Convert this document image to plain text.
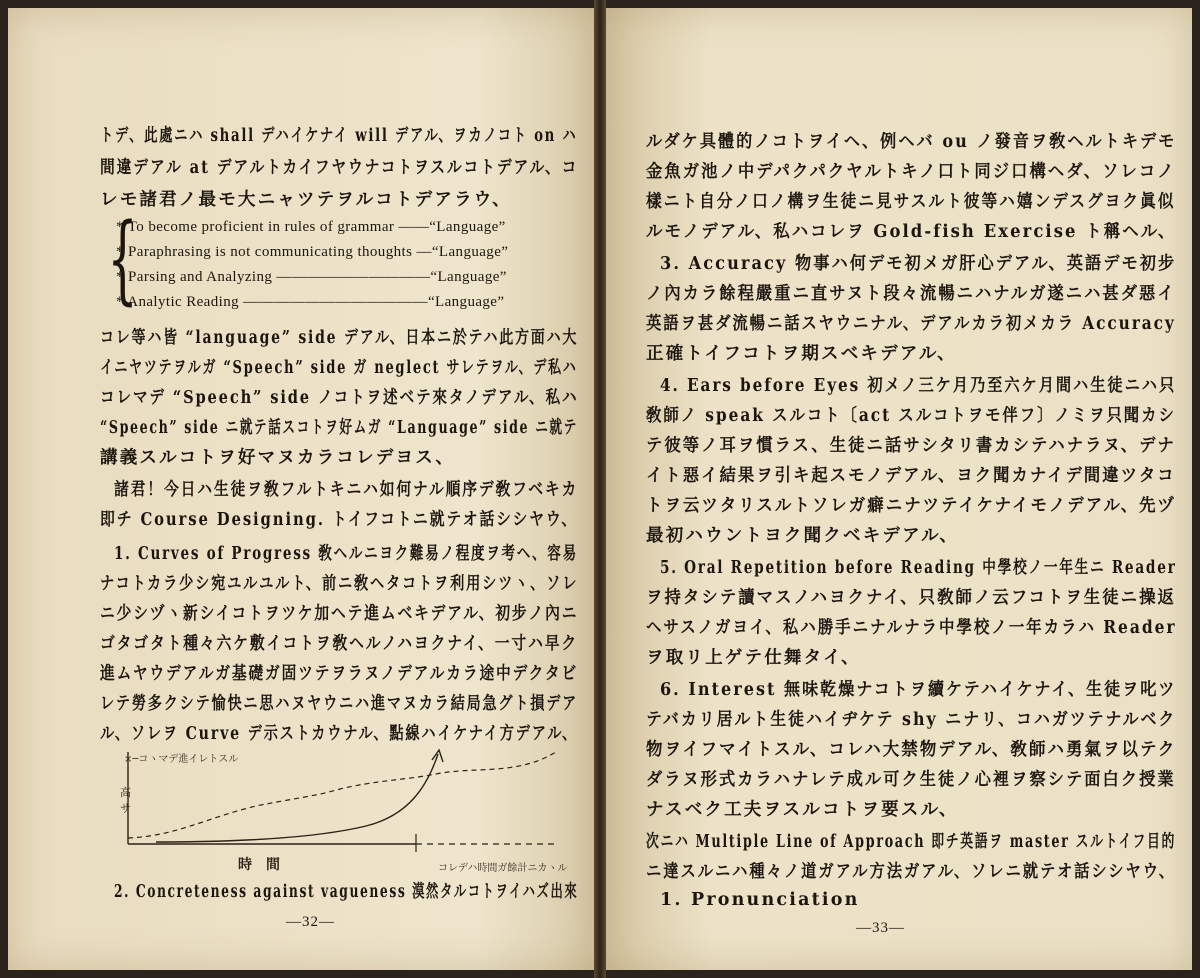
トデ、此處ニハ shall デハイケナイ will デアル、ヲカノコト on ハ
間違デアル at デアルトカイフヤウナコトヲスルコトデアル、コ
レモ諸君ノ最モ大ニャツテヲルコトデアラウ、
{
* To become proficient in rules of grammar ——“Language”
* Paraphrasing is not communicating thoughts —“Language”
* Parsing and Analyzing ——————————“Language”
* Analytic Reading ————————————“Language”
コレ等ハ皆 “language” side デアル、日本ニ於テハ此方面ハ大
イニヤツテヲルガ “Speech” side ガ neglect サレテヲル、デ私ハ
コレマデ “Speech” side ノコトヲ述ベテ來タノデアル、私ハ
“Speech” side ニ就テ話スコトヲ好ムガ “Language” side ニ就テ
講義スルコトヲ好マヌカラコレデヨス、
諸君！今日ハ生徒ヲ敎フルトキニハ如何ナル順序デ敎フベキカ
即チ Course Designing. トイフコトニ就テオ話シシヤウ、
1. Curves of Progress 敎ヘルニヨク難易ノ程度ヲ考ヘ、容易
ナコトカラ少シ宛ユルユルト、前ニ敎ヘタコトヲ利用シツヽ、ソレ
ニ少シヅヽ新シイコトヲツケ加ヘテ進ムベキデアル、初步ノ內ニ
ゴタゴタト種々六ケ敷イコトヲ敎ヘルノハヨクナイ、一寸ハ早ク
進ムヤウデアルガ基礎ガ固ツテヲラヌノデアルカラ途中デクタビ
レテ勞多クシテ愉快ニ思ハヌヤウニハ進マヌカラ結局急グト損デア
ル、ソレヲ Curve デ示ストカウナル、點線ハイケナイ方デアル、
×─コヽマデ進イレトスル
高サ
時　間	コレデハ時間ガ餘計ニカヽル
2. Concreteness against vagueness 漠然タルコトヲイハズ出來
—32—
ルダケ具體的ノコトヲイヘ、例ヘバ ou ノ發音ヲ敎ヘルトキデモ
金魚ガ池ノ中デパクパクヤルトキノ口ト同ジ口構ヘダ、ソレコノ
樣ニト自分ノ口ノ構ヲ生徒ニ見サスルト彼等ハ嬉ンデスグヨク眞似
ルモノデアル、私ハコレヲ Gold-fish Exercise ト稱ヘル、
3. Accuracy 物事ハ何デモ初メガ肝心デアル、英語デモ初步
ノ內カラ餘程嚴重ニ直サヌト段々流暢ニハナルガ遂ニハ甚ダ惡イ
英語ヲ甚ダ流暢ニ話スヤウニナル、デアルカラ初メカラ Accuracy
正確トイフコトヲ期スベキデアル、
4. Ears before Eyes 初メノ三ケ月乃至六ケ月間ハ生徒ニハ只
敎師ノ speak スルコト〔act スルコトヲモ伴フ〕ノミヲ只聞カシ
テ彼等ノ耳ヲ慣ラス、生徒ニ話サシタリ書カシテハナラヌ、デナ
イト惡イ結果ヲ引キ起スモノデアル、ヨク聞カナイデ間違ツタコ
トヲ云ツタリスルトソレガ癖ニナツテイケナイモノデアル、先ヅ
最初ハウントヨク聞クベキデアル、
5. Oral Repetition before Reading 中學校ノ一年生ニ Reader
ヲ持タシテ讀マスノハヨクナイ、只敎師ノ云フコトヲ生徒ニ操返
ヘサスノガヨイ、私ハ勝手ニナルナラ中學校ノ一年カラハ Reader
ヲ取リ上ゲテ仕舞タイ、
6. Interest 無味乾燥ナコトヲ續ケテハイケナイ、生徒ヲ叱ツ
テバカリ居ルト生徒ハイヂケテ shy ニナリ、コハガツテナルベク
物ヲイフマイトスル、コレハ大禁物デアル、敎師ハ勇氣ヲ以テク
ダラヌ形式カラハナレテ成ル可ク生徒ノ心裡ヲ察シテ面白ク授業
ナスベク工夫ヲスルコトヲ要スル、
次ニハ Multiple Line of Approach 即チ英語ヲ master スルトイフ目的
ニ達スルニハ種々ノ道ガアル方法ガアル、ソレニ就テオ話シシヤウ、
1. Pronunciation
—33—
